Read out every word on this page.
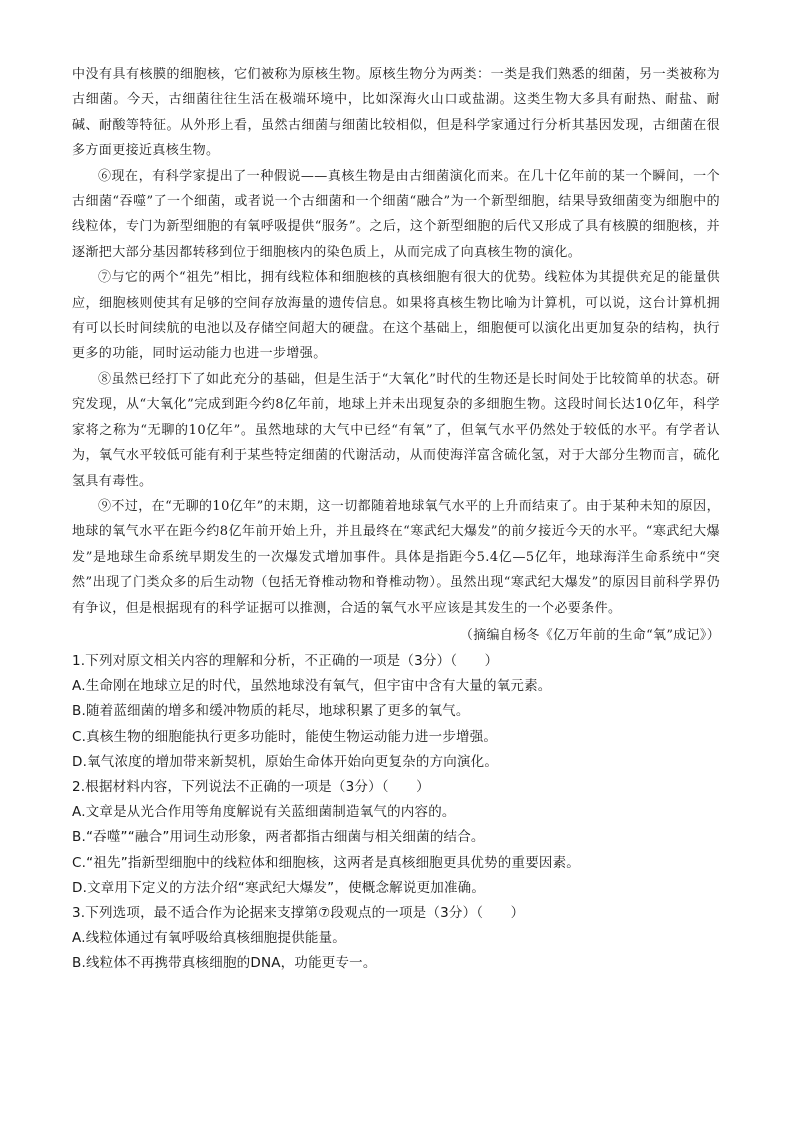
中没有具有核膜的细胞核，它们被称为原核生物。原核生物分为两类：一类是我们熟悉的细菌，另一类被称为古细菌。今天，古细菌往往生活在极端环境中，比如深海火山口或盐湖。这类生物大多具有耐热、耐盐、耐碱、耐酸等特征。从外形上看，虽然古细菌与细菌比较相似，但是科学家通过行分析其基因发现，古细菌在很多方面更接近真核生物。

⑥现在，有科学家提出了一种假说——真核生物是由古细菌演化而来。在几十亿年前的某一个瞬间，一个古细菌“吞噬”了一个细菌，或者说一个古细菌和一个细菌“融合”为一个新型细胞，结果导致细菌变为细胞中的线粒体，专门为新型细胞的有氧呼吸提供“服务”。之后，这个新型细胞的后代又形成了具有核膜的细胞核，并逐渐把大部分基因都转移到位于细胞核内的染色质上，从而完成了向真核生物的演化。

⑦与它的两个“祖先”相比，拥有线粒体和细胞核的真核细胞有很大的优势。线粒体为其提供充足的能量供应，细胞核则使其有足够的空间存放海量的遗传信息。如果将真核生物比喻为计算机，可以说，这台计算机拥有可以长时间续航的电池以及存储空间超大的硬盘。在这个基础上，细胞便可以演化出更加复杂的结构，执行更多的功能，同时运动能力也进一步增强。

⑧虽然已经打下了如此充分的基础，但是生活于“大氧化”时代的生物还是长时间处于比较简单的状态。研究发现，从“大氧化”完成到距今约8亿年前，地球上并未出现复杂的多细胞生物。这段时间长达10亿年，科学家将之称为“无聊的10亿年”。虽然地球的大气中已经“有氧”了，但氧气水平仍然处于较低的水平。有学者认为，氧气水平较低可能有利于某些特定细菌的代谢活动，从而使海洋富含硫化氢，对于大部分生物而言，硫化氢具有毒性。

⑨不过，在“无聊的10亿年”的末期，这一切都随着地球氧气水平的上升而结束了。由于某种未知的原因，地球的氧气水平在距今约8亿年前开始上升，并且最终在“寒武纪大爆发”的前夕接近今天的水平。“寒武纪大爆发”是地球生命系统早期发生的一次爆发式增加事件。具体是指距今5.4亿—5亿年，地球海洋生命系统中“突然”出现了门类众多的后生动物（包括无脊椎动物和脊椎动物）。虽然出现“寒武纪大爆发”的原因目前科学界仍有争议，但是根据现有的科学证据可以推测，合适的氧气水平应该是其发生的一个必要条件。

（摘编自杨冬《亿万年前的生命“氧”成记》）
1.下列对原文相关内容的理解和分析，不正确的一项是（3分）（　　）
A.生命刚在地球立足的时代，虽然地球没有氧气，但宇宙中含有大量的氧元素。
B.随着蓝细菌的增多和缓冲物质的耗尽，地球积累了更多的氧气。
C.真核生物的细胞能执行更多功能时，能使生物运动能力进一步增强。
D.氧气浓度的增加带来新契机，原始生命体开始向更复杂的方向演化。
2.根据材料内容，下列说法不正确的一项是（3分）（　　）
A.文章是从光合作用等角度解说有关蓝细菌制造氧气的内容的。
B.“吞噬”“融合”用词生动形象，两者都指古细菌与相关细菌的结合。
C.“祖先”指新型细胞中的线粒体和细胞核，这两者是真核细胞更具优势的重要因素。
D.文章用下定义的方法介绍“寒武纪大爆发”，使概念解说更加准确。
3.下列选项，最不适合作为论据来支撑第⑦段观点的一项是（3分）（　　）
A.线粒体通过有氧呼吸给真核细胞提供能量。
B.线粒体不再携带真核细胞的DNA，功能更专一。
